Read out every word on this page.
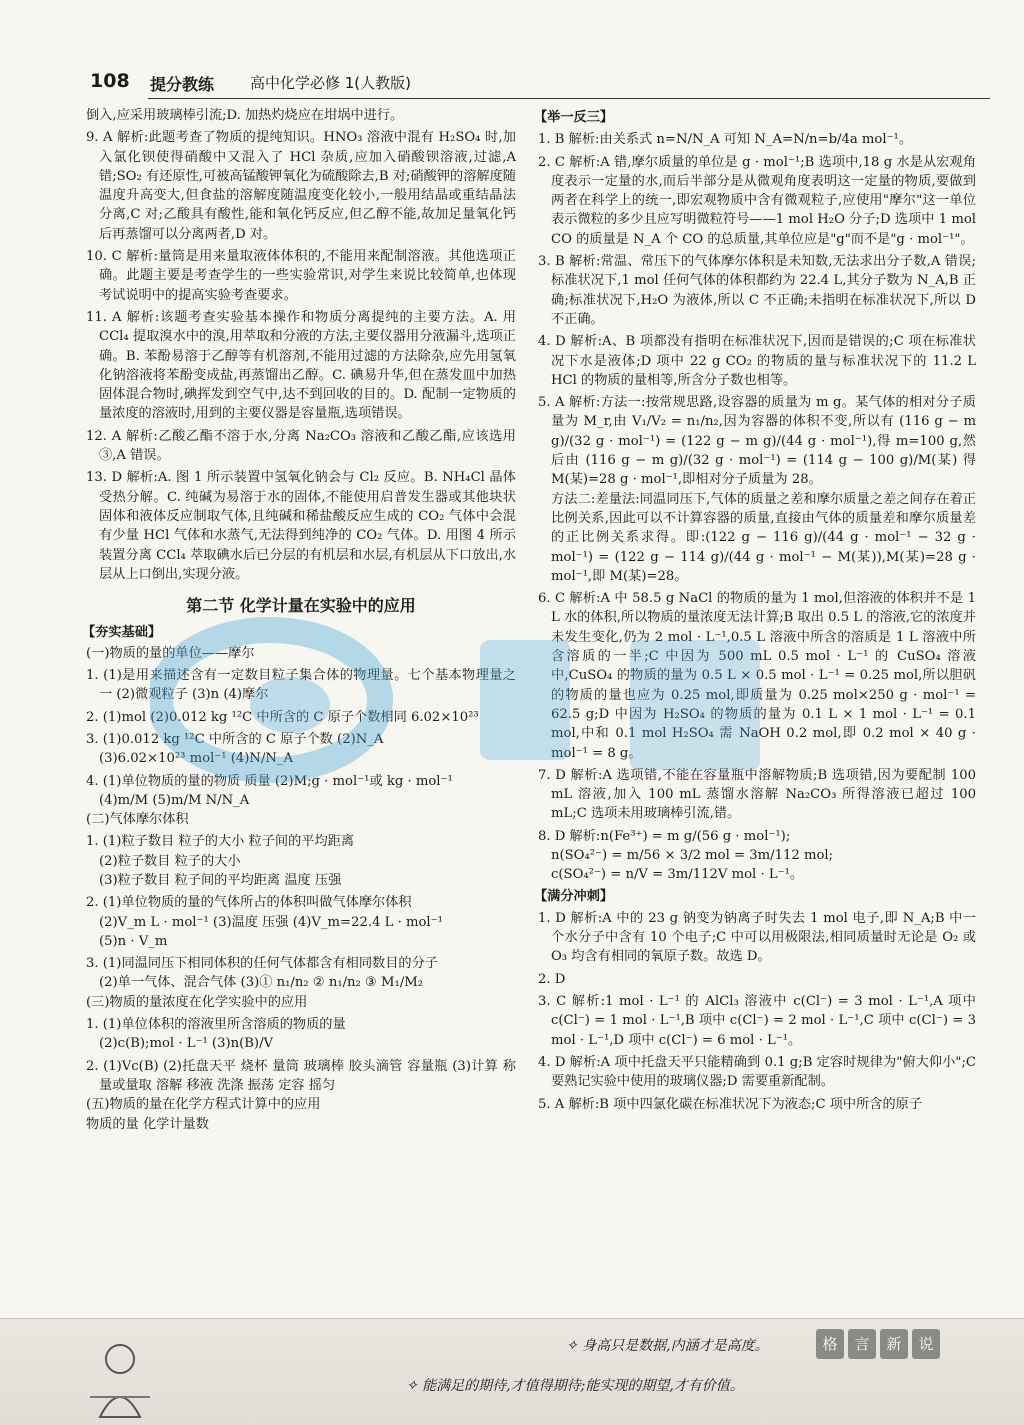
108 提分教练 高中化学必修 1(人教版)

倒入,应采用玻璃棒引流;D. 加热灼烧应在坩埚中进行。

9. A 解析:此题考查了物质的提纯知识。HNO₃ 溶液中混有 H₂SO₄ 时,加入氯化钡使得硝酸中又混入了 HCl 杂质,应加入硝酸钡溶液,过滤,A 错;SO₂ 有还原性,可被高锰酸钾氧化为硫酸除去,B 对;硝酸钾的溶解度随温度升高变大,但食盐的溶解度随温度变化较小,一般用结晶或重结晶法分离,C 对;乙酸具有酸性,能和氧化钙反应,但乙醇不能,故加足量氧化钙后再蒸馏可以分离两者,D 对。

10. C 解析:量筒是用来量取液体体积的,不能用来配制溶液。其他选项正确。此题主要是考查学生的一些实验常识,对学生来说比较简单,也体现考试说明中的提高实验考查要求。

11. A 解析:该题考查实验基本操作和物质分离提纯的主要方法。A. 用 CCl₄ 提取溴水中的溴,用萃取和分液的方法,主要仪器用分液漏斗,选项正确。B. 苯酚易溶于乙醇等有机溶剂,不能用过滤的方法除杂,应先用氢氧化钠溶液将苯酚变成盐,再蒸馏出乙醇。C. 碘易升华,但在蒸发皿中加热固体混合物时,碘挥发到空气中,达不到回收的目的。D. 配制一定物质的量浓度的溶液时,用到的主要仪器是容量瓶,选项错误。

12. A 解析:乙酸乙酯不溶于水,分离 Na₂CO₃ 溶液和乙酸乙酯,应该选用③,A 错误。

13. D 解析:A. 图 1 所示装置中氢氧化钠会与 Cl₂ 反应。B. NH₄Cl 晶体受热分解。C. 纯碱为易溶于水的固体,不能使用启普发生器或其他块状固体和液体反应制取气体,且纯碱和稀盐酸反应生成的 CO₂ 气体中会混有少量 HCl 气体和水蒸气,无法得到纯净的 CO₂ 气体。D. 用图 4 所示装置分离 CCl₄ 萃取碘水后已分层的有机层和水层,有机层从下口放出,水层从上口倒出,实现分液。

第二节 化学计量在实验中的应用
【夯实基础】

(一)物质的量的单位——摩尔

1. (1)是用来描述含有一定数目粒子集合体的物理量。七个基本物理量之一 (2)微观粒子 (3)n (4)摩尔

2. (1)mol (2)0.012 kg ¹²C 中所含的 C 原子个数相同 6.02×10²³

3. (1)0.012 kg ¹²C 中所含的 C 原子个数 (2)N_A

(3)6.02×10²³ mol⁻¹ (4)N/N_A

4. (1)单位物质的量的物质 质量 (2)M;g · mol⁻¹或 kg · mol⁻¹

(4)m/M (5)m/M N/N_A

(二)气体摩尔体积

1. (1)粒子数目 粒子的大小 粒子间的平均距离

(2)粒子数目 粒子的大小

(3)粒子数目 粒子间的平均距离 温度 压强

2. (1)单位物质的量的气体所占的体积叫做气体摩尔体积

(2)V_m L · mol⁻¹ (3)温度 压强 (4)V_m=22.4 L · mol⁻¹

(5)n · V_m

3. (1)同温同压下相同体积的任何气体都含有相同数目的分子

(2)单一气体、混合气体 (3)① n₁/n₂ ② n₁/n₂ ③ M₁/M₂

(三)物质的量浓度在化学实验中的应用

1. (1)单位体积的溶液里所含溶质的物质的量

(2)c(B);mol · L⁻¹ (3)n(B)/V

2. (1)Vc(B) (2)托盘天平 烧杯 量筒 玻璃棒 胶头滴管 容量瓶 (3)计算 称量或量取 溶解 移液 洗涤 振荡 定容 摇匀

(五)物质的量在化学方程式计算中的应用

物质的量 化学计量数

【举一反三】

1. B 解析:由关系式 n=N/N_A 可知 N_A=N/n=b/4a mol⁻¹。

2. C 解析:A 错,摩尔质量的单位是 g · mol⁻¹;B 选项中,18 g 水是从宏观角度表示一定量的水,而后半部分是从微观角度表明这一定量的物质,要做到两者在科学上的统一,即宏观物质中含有微观粒子,应使用"摩尔"这一单位表示微粒的多少且应写明微粒符号——1 mol H₂O 分子;D 选项中 1 mol CO 的质量是 N_A 个 CO 的总质量,其单位应是"g"而不是"g · mol⁻¹"。

3. B 解析:常温、常压下的气体摩尔体积是未知数,无法求出分子数,A 错误;标准状况下,1 mol 任何气体的体积都约为 22.4 L,其分子数为 N_A,B 正确;标准状况下,H₂O 为液体,所以 C 不正确;未指明在标准状况下,所以 D 不正确。

4. D 解析:A、B 项都没有指明在标准状况下,因而是错误的;C 项在标准状况下水是液体;D 项中 22 g CO₂ 的物质的量与标准状况下的 11.2 L HCl 的物质的量相等,所含分子数也相等。

5. A 解析:方法一:按常规思路,设容器的质量为 m g。某气体的相对分子质量为 M_r,由 V₁/V₂ = n₁/n₂,因为容器的体积不变,所以有 (116 g − m g)/(32 g · mol⁻¹) = (122 g − m g)/(44 g · mol⁻¹),得 m=100 g,然后由 (116 g − m g)/(32 g · mol⁻¹) = (114 g − 100 g)/M(某) 得 M(某)=28 g · mol⁻¹,即相对分子质量为 28。

方法二:差量法:同温同压下,气体的质量之差和摩尔质量之差之间存在着正比例关系,因此可以不计算容器的质量,直接由气体的质量差和摩尔质量差的正比例关系求得。即:(122 g − 116 g)/(44 g · mol⁻¹ − 32 g · mol⁻¹) = (122 g − 114 g)/(44 g · mol⁻¹ − M(某)),M(某)=28 g · mol⁻¹,即 M(某)=28。

6. C 解析:A 中 58.5 g NaCl 的物质的量为 1 mol,但溶液的体积并不是 1 L 水的体积,所以物质的量浓度无法计算;B 取出 0.5 L 的溶液,它的浓度并未发生变化,仍为 2 mol · L⁻¹,0.5 L 溶液中所含的溶质是 1 L 溶液中所含溶质的一半;C 中因为 500 mL 0.5 mol · L⁻¹ 的 CuSO₄ 溶液中,CuSO₄ 的物质的量为 0.5 L × 0.5 mol · L⁻¹ = 0.25 mol,所以胆矾的物质的量也应为 0.25 mol,即质量为 0.25 mol×250 g · mol⁻¹ = 62.5 g;D 中因为 H₂SO₄ 的物质的量为 0.1 L × 1 mol · L⁻¹ = 0.1 mol,中和 0.1 mol H₂SO₄ 需 NaOH 0.2 mol,即 0.2 mol × 40 g · mol⁻¹ = 8 g。

7. D 解析:A 选项错,不能在容量瓶中溶解物质;B 选项错,因为要配制 100 mL 溶液,加入 100 mL 蒸馏水溶解 Na₂CO₃ 所得溶液已超过 100 mL;C 选项未用玻璃棒引流,错。

8. D 解析:n(Fe³⁺) = m g/(56 g · mol⁻¹);

n(SO₄²⁻) = m/56 × 3/2 mol = 3m/112 mol;

c(SO₄²⁻) = n/V = 3m/112V mol · L⁻¹。

【满分冲刺】

1. D 解析:A 中的 23 g 钠变为钠离子时失去 1 mol 电子,即 N_A;B 中一个水分子中含有 10 个电子;C 中可以用极限法,相同质量时无论是 O₂ 或 O₃ 均含有相同的氧原子数。故选 D。

2. D

3. C 解析:1 mol · L⁻¹ 的 AlCl₃ 溶液中 c(Cl⁻) = 3 mol · L⁻¹,A 项中 c(Cl⁻) = 1 mol · L⁻¹,B 项中 c(Cl⁻) = 2 mol · L⁻¹,C 项中 c(Cl⁻) = 3 mol · L⁻¹,D 项中 c(Cl⁻) = 6 mol · L⁻¹。

4. D 解析:A 项中托盘天平只能精确到 0.1 g;B 定容时规律为"俯大仰小";C 要熟记实验中使用的玻璃仪器;D 需要重新配制。

5. A 解析:B 项中四氯化碳在标准状况下为液态;C 项中所含的原子

✧ 身高只是数据,内涵才是高度。
✧ 能满足的期待,才值得期待;能实现的期望,才有价值。
格	言	新	说
